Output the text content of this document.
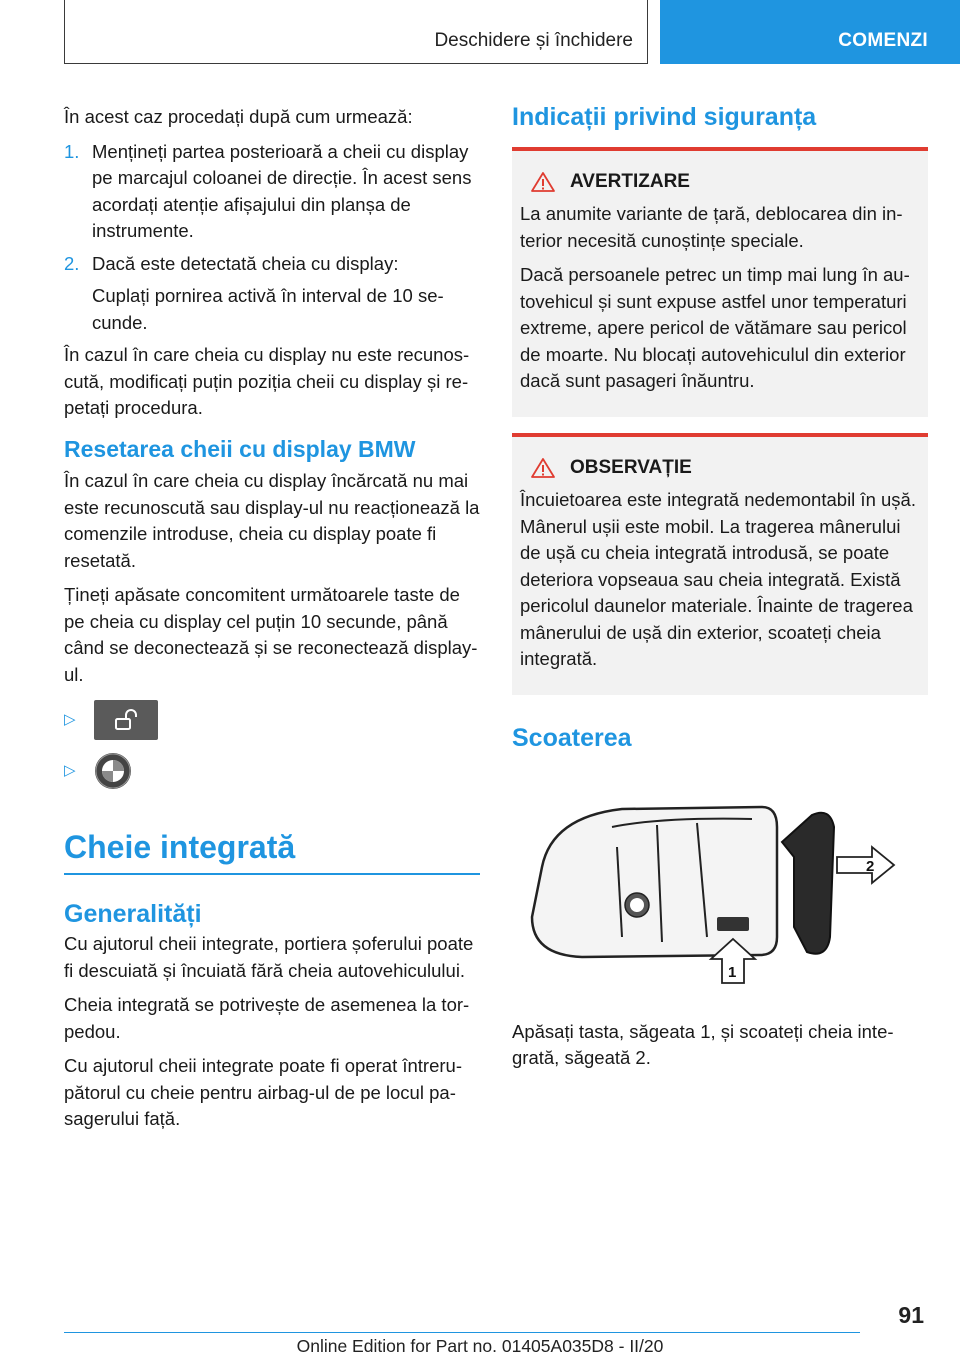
Deschidere și închidere	COMENZI

În acest caz procedați după cum urmează:

1. Mențineți partea posterioară a cheii cu display pe marcajul coloanei de direcție. În acest sens acordați atenție afișajului din planșa de instrumente.
2. Dacă este detectată cheia cu display:
Cuplați pornirea activă în interval de 10 secunde.

În cazul în care cheia cu display nu este recunoscută, modificați puțin poziția cheii cu display și repetați procedura.

Resetarea cheii cu display BMW

În cazul în care cheia cu display încărcată nu mai este recunoscută sau display-ul nu reacționează la comenzile introduse, cheia cu display poate fi resetată.

Țineți apăsate concomitent următoarele taste de pe cheia cu display cel puțin 10 secunde, până când se deconectează și se reconectează display-ul.

▷
▷
Cheie integrată
Generalități

Cu ajutorul cheii integrate, portiera șoferului poate fi descuiată și încuiată fără cheia autovehiculului.

Cheia integrată se potrivește de asemenea la torpedou.

Cu ajutorul cheii integrate poate fi operat întrerupătorul cu cheie pentru airbag-ul de pe locul pasagerului față.

Indicații privind siguranța
AVERTIZARE

La anumite variante de țară, deblocarea din interior necesită cunoștințe speciale.

Dacă persoanele petrec un timp mai lung în autovehicul și sunt expuse astfel unor temperaturi extreme, apere pericol de vătămare sau pericol de moarte. Nu blocați autovehiculul din exterior dacă sunt pasageri înăuntru.

OBSERVAȚIE

Încuietoarea este integrată nedemontabil în ușă. Mânerul ușii este mobil. La tragerea mânerului de ușă cu cheia integrată introdusă, se poate deteriora vopseaua sau cheia integrată. Există pericolul daunelor materiale. Înainte de tragerea mânerului de ușă din exterior, scoateți cheia integrată.

Scoaterea
2
1

Apăsați tasta, săgeata 1, și scoateți cheia integrată, săgeată 2.

91
Online Edition for Part no. 01405A035D8 - II/20
